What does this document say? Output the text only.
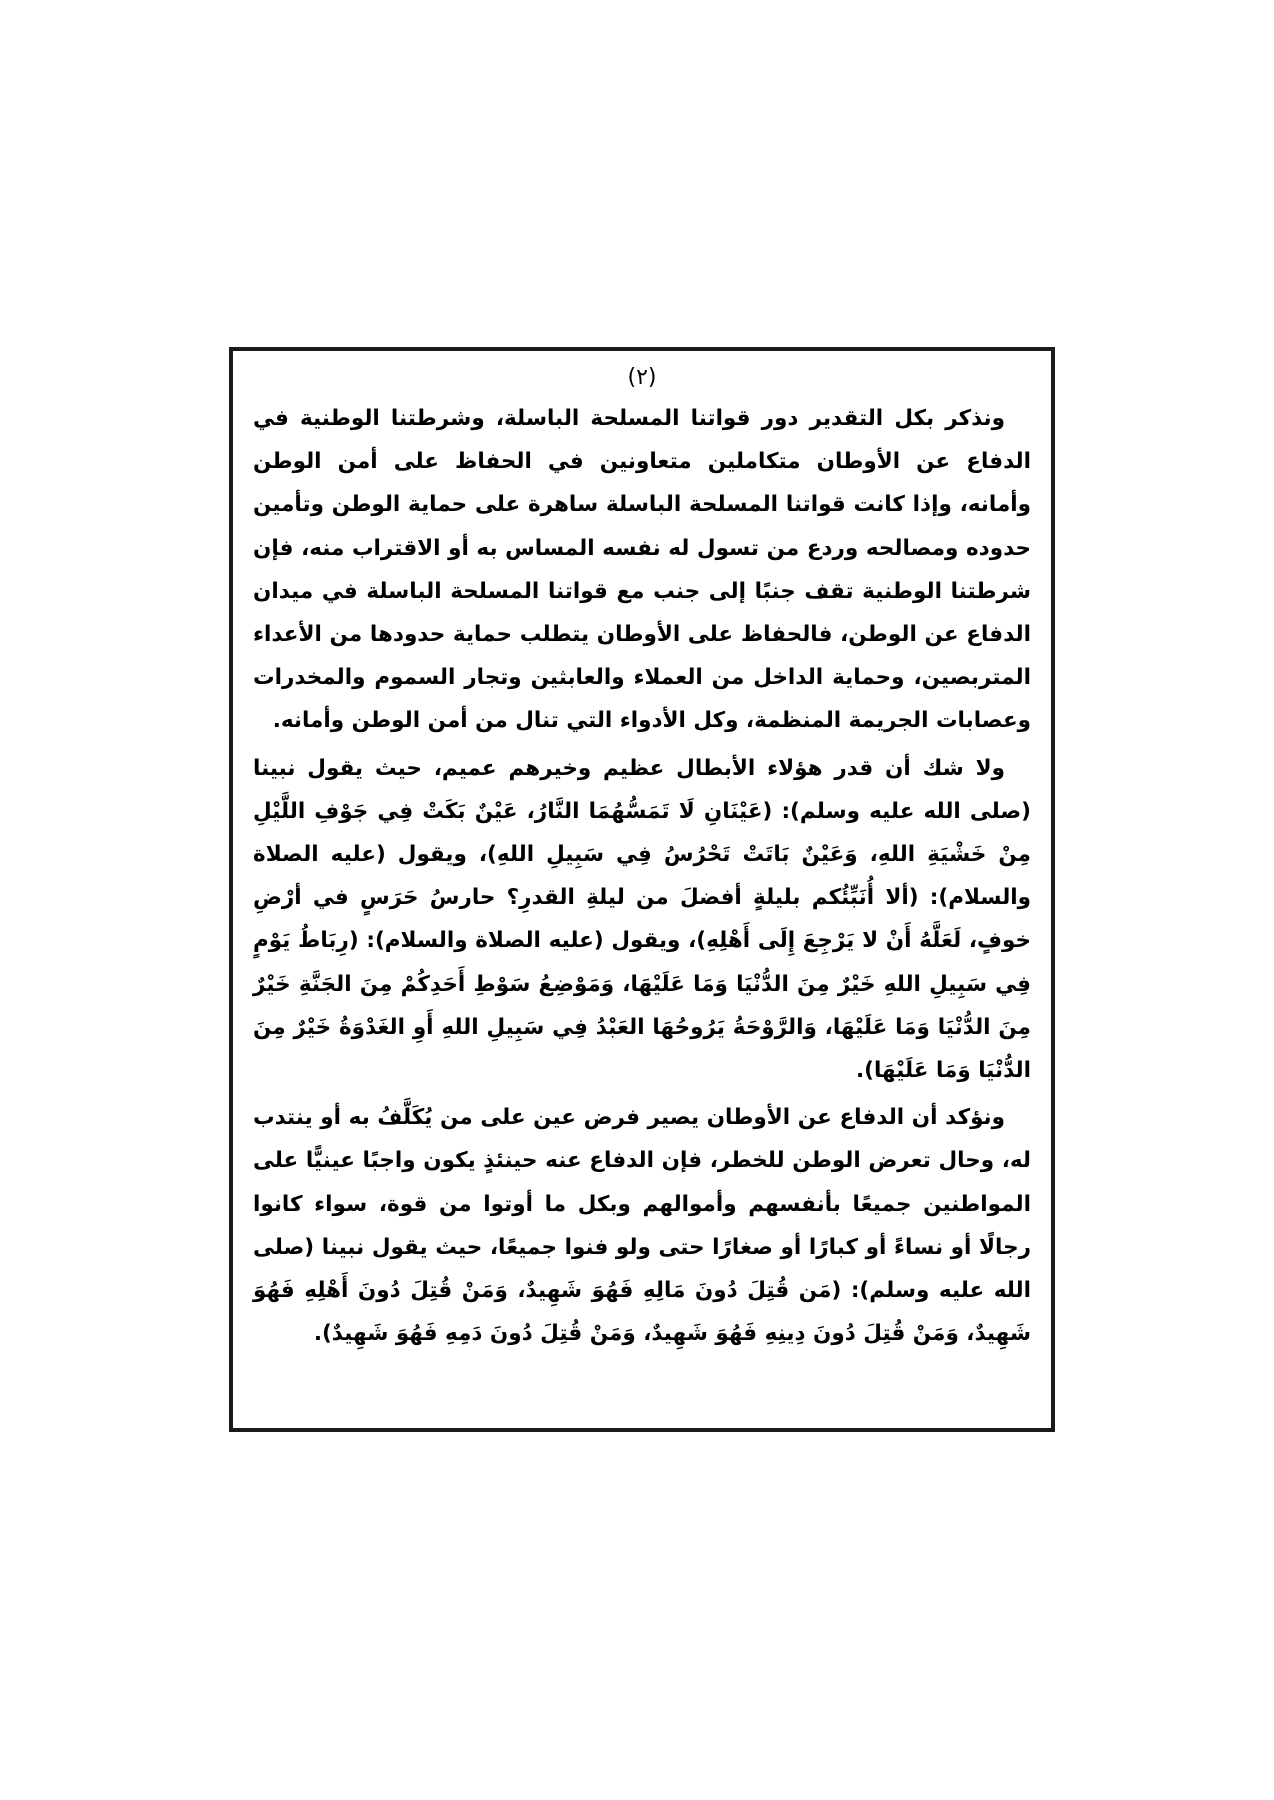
(٢)

ونذكر بكل التقدير دور قواتنا المسلحة الباسلة، وشرطتنا الوطنية في الدفاع عن الأوطان متكاملين متعاونين في الحفاظ على أمن الوطن وأمانه، وإذا كانت قواتنا المسلحة الباسلة ساهرة على حماية الوطن وتأمين حدوده ومصالحه وردع من تسول له نفسه المساس به أو الاقتراب منه، فإن شرطتنا الوطنية تقف جنبًا إلى جنب مع قواتنا المسلحة الباسلة في ميدان الدفاع عن الوطن، فالحفاظ على الأوطان يتطلب حماية حدودها من الأعداء المتربصين، وحماية الداخل من العملاء والعابثين وتجار السموم والمخدرات وعصابات الجريمة المنظمة، وكل الأدواء التي تنال من أمن الوطن وأمانه.

ولا شك أن قدر هؤلاء الأبطال عظيم وخيرهم عميم، حيث يقول نبينا (صلى الله عليه وسلم): (عَيْنَانِ لَا تَمَسُّهُمَا النَّارُ، عَيْنٌ بَكَتْ فِي جَوْفِ اللَّيْلِ مِنْ خَشْيَةِ اللهِ، وَعَيْنٌ بَاتَتْ تَحْرُسُ فِي سَبِيلِ اللهِ)، ويقول (عليه الصلاة والسلام): (ألا أُنَبِّئُكم بليلةٍ أفضلَ من ليلةِ القدرِ؟ حارسُ حَرَسٍ في أرْضِ خوفٍ، لَعَلَّهُ أَنْ لا يَرْجِعَ إِلَى أَهْلِهِ)، ويقول (عليه الصلاة والسلام): (رِبَاطُ يَوْمٍ فِي سَبِيلِ اللهِ خَيْرٌ مِنَ الدُّنْيَا وَمَا عَلَيْهَا، وَمَوْضِعُ سَوْطِ أَحَدِكُمْ مِنَ الجَنَّةِ خَيْرٌ مِنَ الدُّنْيَا وَمَا عَلَيْهَا، وَالرَّوْحَةُ يَرُوحُهَا العَبْدُ فِي سَبِيلِ اللهِ أَوِ الغَدْوَةُ خَيْرٌ مِنَ الدُّنْيَا وَمَا عَلَيْهَا).

ونؤكد أن الدفاع عن الأوطان يصير فرض عين على من يُكَلَّفُ به أو ينتدب له، وحال تعرض الوطن للخطر، فإن الدفاع عنه حينئذٍ يكون واجبًا عينيًّا على المواطنين جميعًا بأنفسهم وأموالهم وبكل ما أوتوا من قوة، سواء كانوا رجالًا أو نساءً أو كبارًا أو صغارًا حتى ولو فنوا جميعًا، حيث يقول نبينا (صلى الله عليه وسلم): (مَن قُتِلَ دُونَ مَالِهِ فَهُوَ شَهِيدٌ، وَمَنْ قُتِلَ دُونَ أَهْلِهِ فَهُوَ شَهِيدٌ، وَمَنْ قُتِلَ دُونَ دِينِهِ فَهُوَ شَهِيدٌ، وَمَنْ قُتِلَ دُونَ دَمِهِ فَهُوَ شَهِيدٌ).
